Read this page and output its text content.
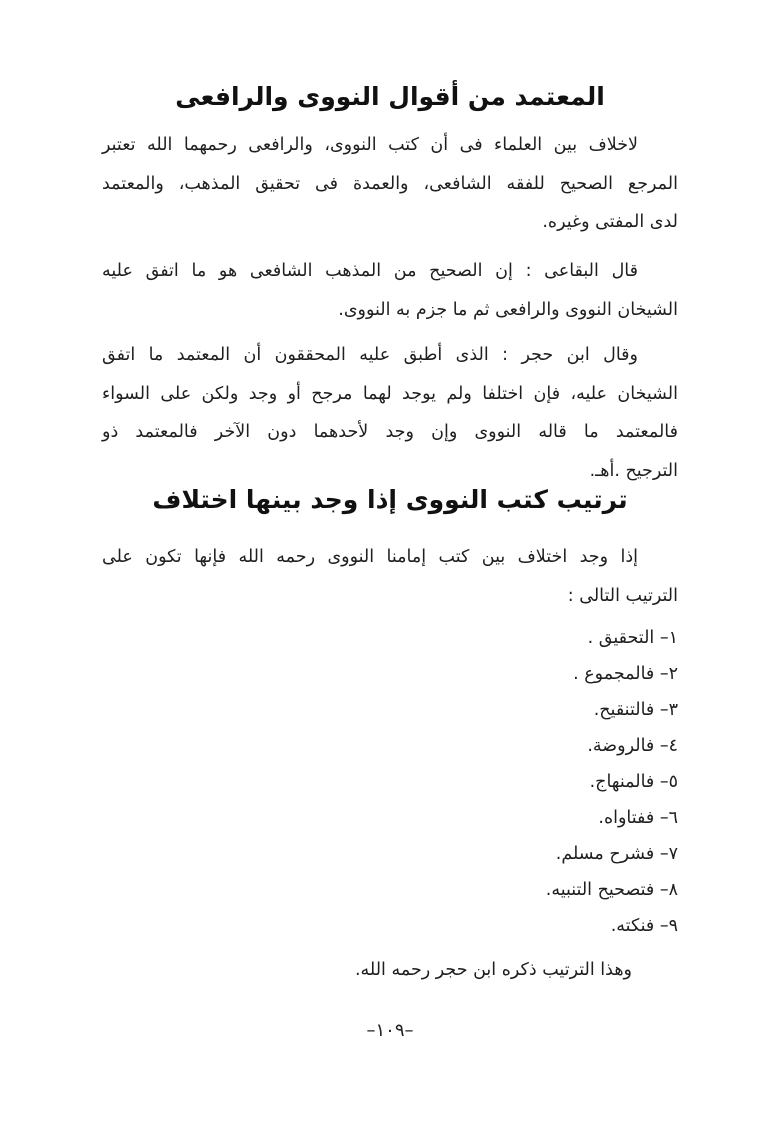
المعتمد من أقوال النووى والرافعى
لاخلاف بين العلماء فى أن كتب النووى، والرافعى رحمهما الله تعتبر
المرجع الصحيح للفقه الشافعى، والعمدة فى تحقيق المذهب، والمعتمد
لدى المفتى وغيره.
قال البقاعى : إن الصحيح من المذهب الشافعى هو ما اتفق عليه
الشيخان النووى والرافعى ثم ما جزم به النووى.
وقال ابن حجر : الذى أطبق عليه المحققون أن المعتمد ما اتفق
الشيخان عليه، فإن اختلفا ولم يوجد لهما مرجح أو وجد ولكن على السواء
فالمعتمد ما قاله النووى وإن وجد لأحدهما دون الآخر فالمعتمد ذو
الترجيح .أهـ.
ترتيب كتب النووى إذا وجد بينها اختلاف
إذا وجد اختلاف بين كتب إمامنا النووى رحمه الله فإنها تكون على
الترتيب التالى :
١– التحقيق .
٢– فالمجموع .
٣– فالتنقيح.
٤– فالروضة.
٥– فالمنهاج.
٦– ففتاواه.
٧– فشرح مسلم.
٨– فتصحيح التنبيه.
٩– فنكته.
وهذا الترتيب ذكره ابن حجر رحمه الله.
–١٠٩–
